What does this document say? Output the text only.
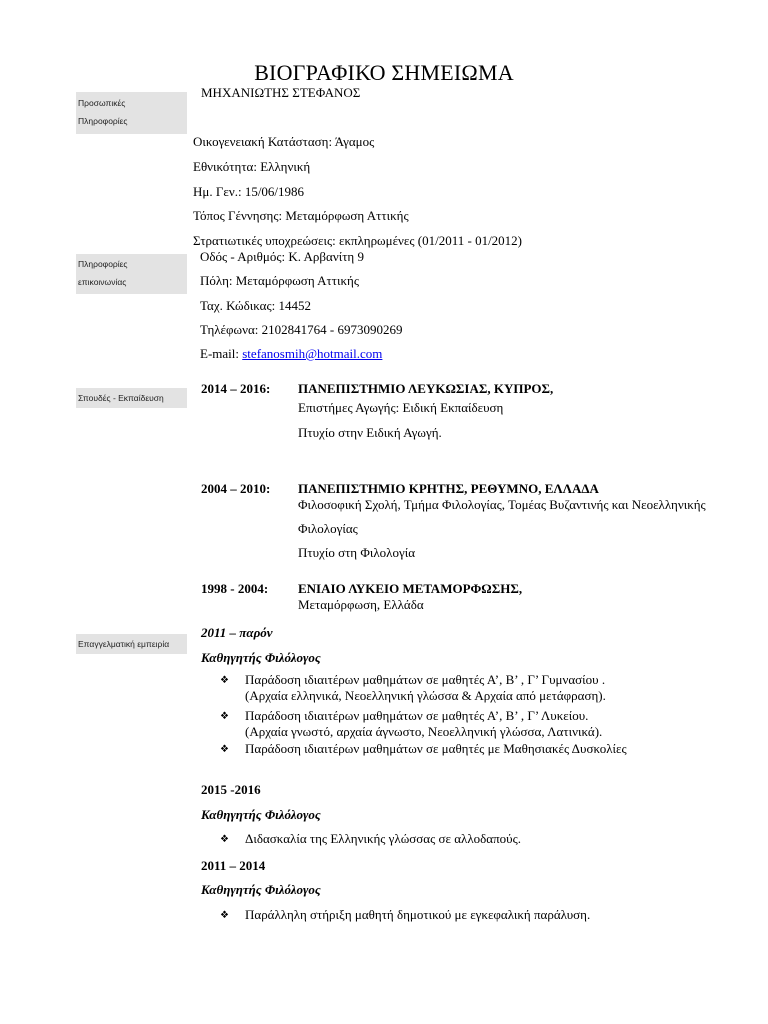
ΒΙΟΓΡΑΦΙΚΟ ΣΗΜΕΙΩΜΑ
ΜΗΧΑΝΙΩΤΗΣ ΣΤΕΦΑΝΟΣ
Προσωπικές
Πληροφορίες
Πληροφορίες
επικοινωνίας
Σπουδές - Εκπαίδευση
Επαγγελματική εμπειρία
Οικογενειακή Κατάσταση: Άγαμος
Εθνικότητα: Ελληνική
Ημ. Γεν.: 15/06/1986
Τόπος Γέννησης: Μεταμόρφωση Αττικής
Στρατιωτικές υποχρεώσεις: εκπληρωμένες (01/2011 - 01/2012)
Οδός - Αριθμός: Κ. Αρβανίτη 9
Πόλη: Μεταμόρφωση Αττικής
Ταχ. Κώδικας: 14452
Τηλέφωνα: 2102841764 - 6973090269
E-mail: stefanosmih@hotmail.com
2014 – 2016: ΠΑΝΕΠΙΣΤΗΜΙΟ ΛΕΥΚΩΣΙΑΣ, ΚΥΠΡΟΣ,
Επιστήμες Αγωγής: Ειδική Εκπαίδευση
Πτυχίο στην Ειδική Αγωγή.
2004 – 2010: ΠΑΝΕΠΙΣΤΗΜΙΟ ΚΡΗΤΗΣ, ΡΕΘΥΜΝΟ, ΕΛΛΑΔΑ
Φιλοσοφική Σχολή, Τμήμα Φιλολογίας, Τομέας Βυζαντινής και Νεοελληνικής
Φιλολογίας
Πτυχίο στη Φιλολογία
1998 - 2004: ΕΝΙΑΙΟ ΛΥΚΕΙΟ ΜΕΤΑΜΟΡΦΩΣΗΣ,
Μεταμόρφωση, Ελλάδα
2011 – παρόν
Καθηγητής Φιλόλογος
❖ Παράδοση ιδιαιτέρων μαθημάτων σε μαθητές Α’, Β’ , Γ’ Γυμνασίου .
(Αρχαία ελληνικά, Νεοελληνική γλώσσα & Αρχαία από μετάφραση).
❖ Παράδοση ιδιαιτέρων μαθημάτων σε μαθητές Α’, Β’ , Γ’ Λυκείου.
(Αρχαία γνωστό, αρχαία άγνωστο, Νεοελληνική γλώσσα, Λατινικά).
❖ Παράδοση ιδιαιτέρων μαθημάτων σε μαθητές με Μαθησιακές Δυσκολίες
2015 -2016
Καθηγητής Φιλόλογος
❖ Διδασκαλία της Ελληνικής γλώσσας σε αλλοδαπούς.
2011 – 2014
Καθηγητής Φιλόλογος
❖ Παράλληλη στήριξη μαθητή δημοτικού με εγκεφαλική παράλυση.
